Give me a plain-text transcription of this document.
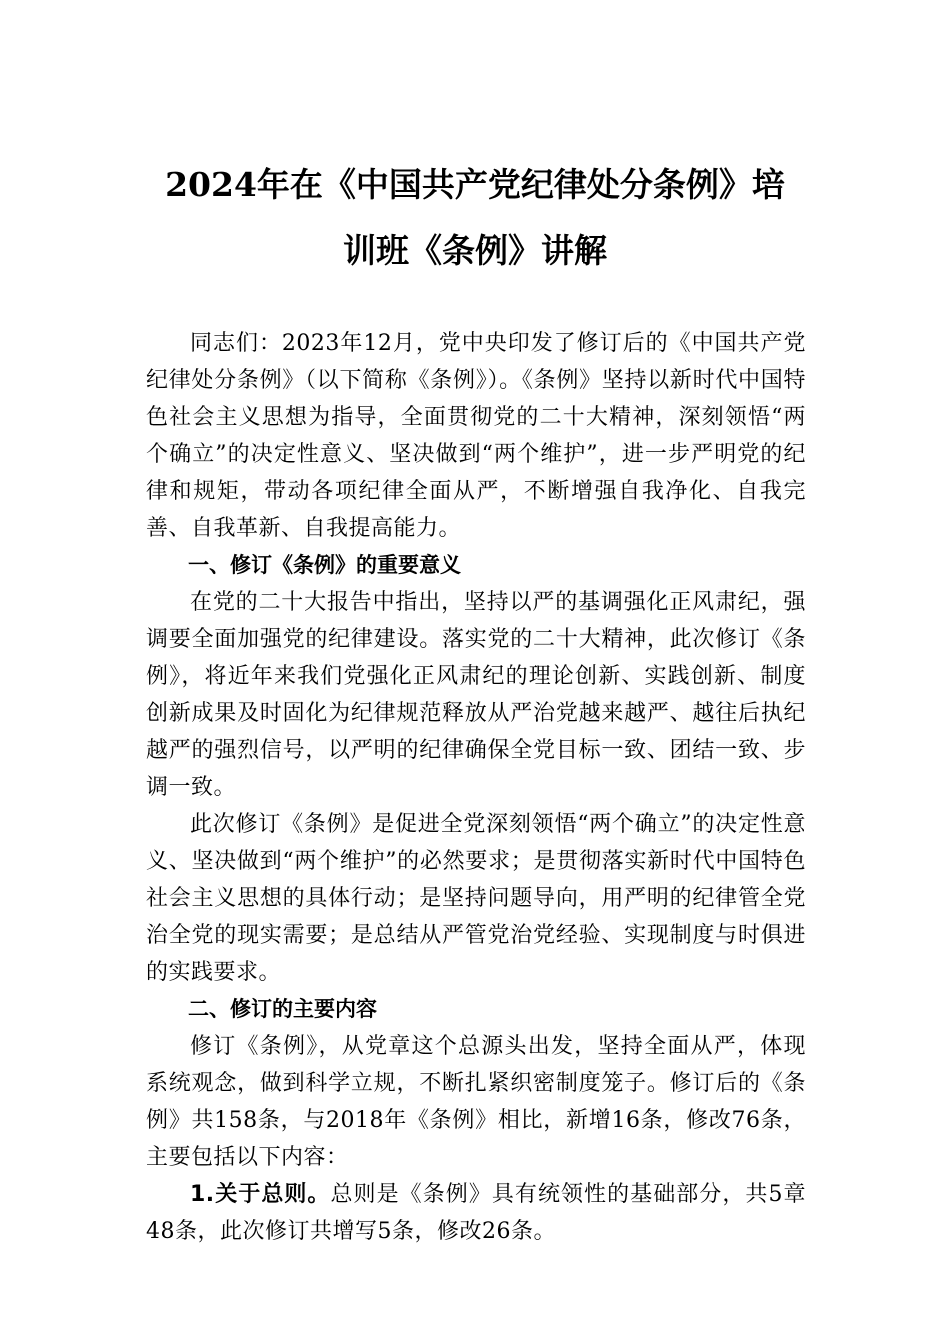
2024年在《中国共产党纪律处分条例》培
训班《条例》讲解

同志们：2023年12月，党中央印发了修订后的《中国共产党纪律处分条例》（以下简称《条例》）。《条例》坚持以新时代中国特色社会主义思想为指导，全面贯彻党的二十大精神，深刻领悟“两个确立”的决定性意义、坚决做到“两个维护”，进一步严明党的纪律和规矩，带动各项纪律全面从严，不断增强自我净化、自我完善、自我革新、自我提高能力。

一、修订《条例》的重要意义

在党的二十大报告中指出，坚持以严的基调强化正风肃纪，强调要全面加强党的纪律建设。落实党的二十大精神，此次修订《条例》，将近年来我们党强化正风肃纪的理论创新、实践创新、制度创新成果及时固化为纪律规范释放从严治党越来越严、越往后执纪越严的强烈信号，以严明的纪律确保全党目标一致、团结一致、步调一致。

此次修订《条例》是促进全党深刻领悟“两个确立”的决定性意义、坚决做到“两个维护”的必然要求；是贯彻落实新时代中国特色社会主义思想的具体行动；是坚持问题导向，用严明的纪律管全党治全党的现实需要；是总结从严管党治党经验、实现制度与时俱进的实践要求。

二、修订的主要内容

修订《条例》，从党章这个总源头出发，坚持全面从严，体现系统观念，做到科学立规，不断扎紧织密制度笼子。修订后的《条例》共158条，与2018年《条例》相比，新增16条，修改76条，主要包括以下内容：

1.关于总则。总则是《条例》具有统领性的基础部分，共5章48条，此次修订共增写5条，修改26条。
